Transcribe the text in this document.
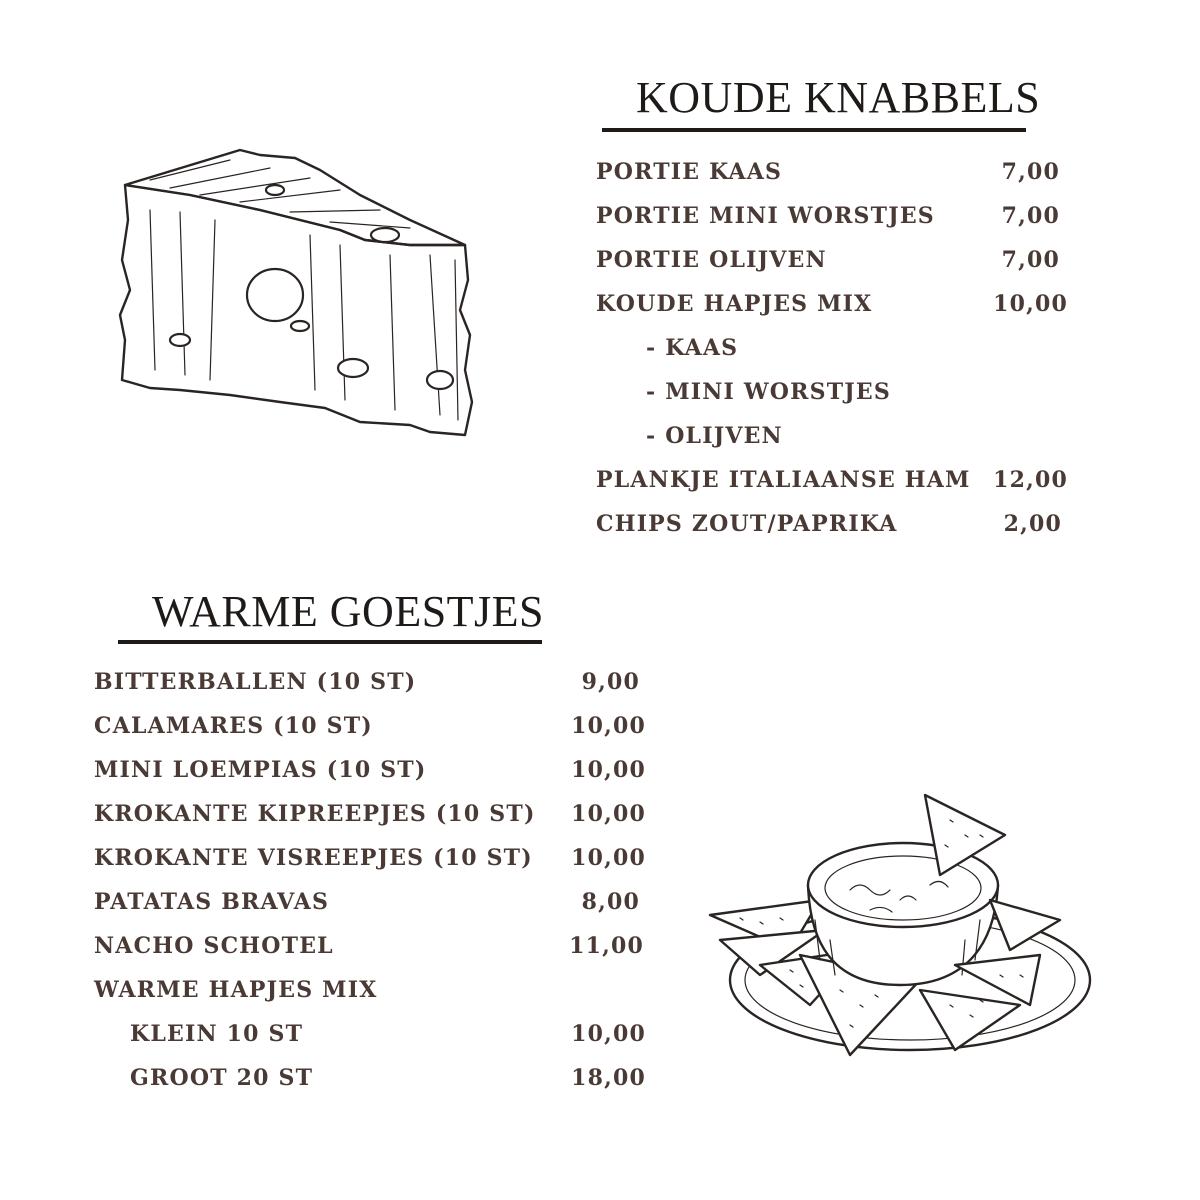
KOUDE KNABBELS
PORTIE KAAS	7,00
PORTIE MINI WORSTJES	7,00
PORTIE OLIJVEN	7,00
KOUDE HAPJES MIX	10,00
- KAAS
- MINI WORSTJES
- OLIJVEN
PLANKJE ITALIAANSE HAM	12,00
CHIPS ZOUT/PAPRIKA	2,00
WARME GOESTJES
BITTERBALLEN (10 ST)	9,00
CALAMARES (10 ST)	10,00
MINI LOEMPIAS (10 ST)	10,00
KROKANTE KIPREEPJES (10 ST)	10,00
KROKANTE VISREEPJES (10 ST)	10,00
PATATAS BRAVAS	8,00
NACHO SCHOTEL	11,00
WARME HAPJES MIX
KLEIN 10 ST	10,00
GROOT 20 ST	18,00
